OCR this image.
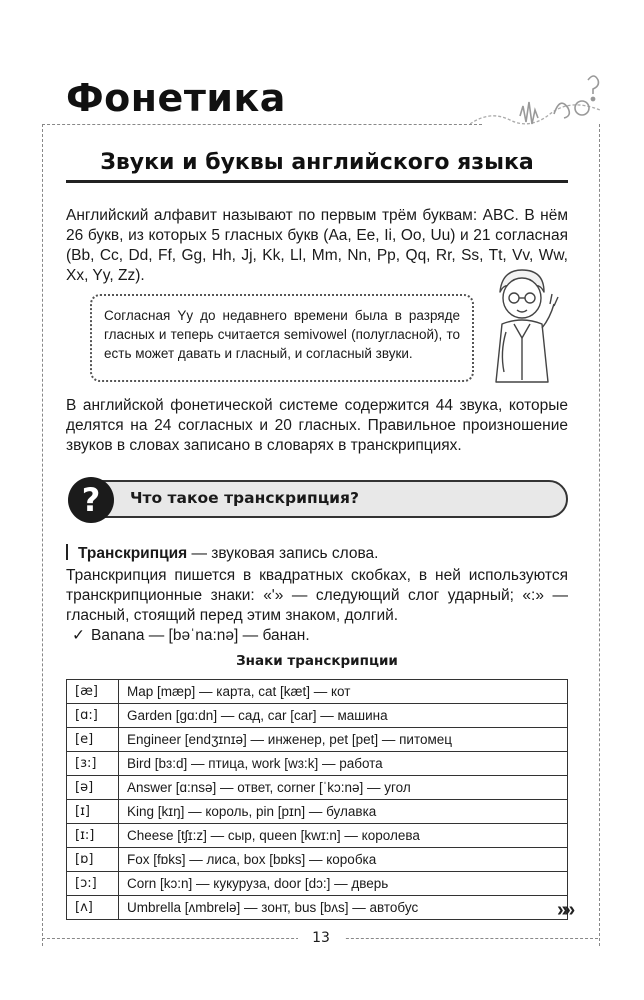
Фонетика
Звуки и буквы английского языка

Английский алфавит называют по первым трём буквам: ABC. В нём 26 букв, из которых 5 гласных букв (Aa, Ee, Ii, Oo, Uu) и 21 согласная (Bb, Cc, Dd, Ff, Gg, Hh, Jj, Kk, Ll, Mm, Nn, Pp, Qq, Rr, Ss, Tt, Vv, Ww, Xx, Yy, Zz).

Согласная Yy до недавнего времени была в разряде гласных и теперь считается semivowel (полугласной), то есть может давать и гласный, и согласный звуки.

В английской фонетической системе содержится 44 звука, которые делятся на 24 согласных и 20 гласных. Правильное произношение звуков в словах записано в словарях в транскрипциях.

?	Что такое транскрипция?
Транскрипция — звуковая запись слова.

Транскрипция пишется в квадратных скобках, в ней используются транскрипционные знаки: «ʹ» — следующий слог ударный; «:» — гласный, стоящий перед этим знаком, долгий.

✓ Banana — [bəˈna:nə] — банан.
Знаки транскрипции
[æ]	Map [mæp] — карта, cat [kæt] — кот
[ɑ:]	Garden [gɑ:dn] — сад, car [car] — машина
[e]	Engineer [endʒɪnɪə] — инженер, pet [pet] — питомец
[ɜ:]	Bird [bɜ:d] — птица, work [wɜ:k] — работа
[ə]	Answer [ɑ:nsə] — ответ, corner [ˈkɔ:nə] — угол
[ɪ]	King [kɪŋ] — король, pin [pɪn] — булавка
[ɪ:]	Cheese [tʃɪ:z] — сыр, queen [kwɪ:n] — королева
[ɒ]	Fox [fɒks] — лиса, box [bɒks] — коробка
[ɔ:]	Corn [kɔ:n] — кукуруза, door [dɔ:] — дверь
[ʌ]	Umbrella [ʌmbrelə] — зонт, bus [bʌs] — автобус	»»
13
